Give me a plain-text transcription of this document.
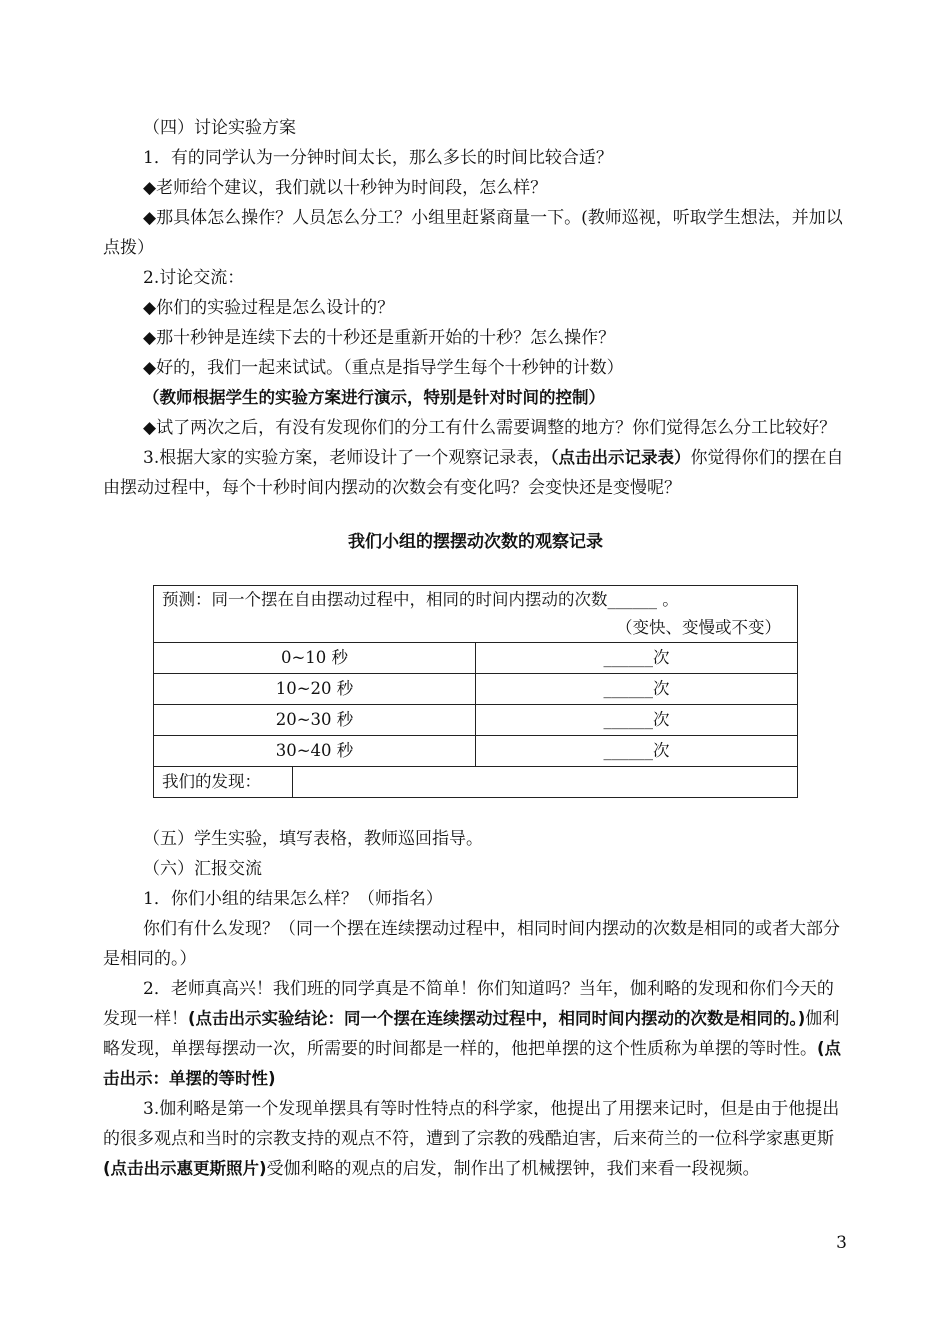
（四）讨论实验方案

1．有的同学认为一分钟时间太长，那么多长的时间比较合适？

◆老师给个建议，我们就以十秒钟为时间段，怎么样？

◆那具体怎么操作？人员怎么分工？小组里赶紧商量一下。(教师巡视，听取学生想法，并加以点拨）

2.讨论交流：

◆你们的实验过程是怎么设计的？

◆那十秒钟是连续下去的十秒还是重新开始的十秒？怎么操作？

◆好的，我们一起来试试。（重点是指导学生每个十秒钟的计数）

（教师根据学生的实验方案进行演示，特别是针对时间的控制）

◆试了两次之后，有没有发现你们的分工有什么需要调整的地方？你们觉得怎么分工比较好？

3.根据大家的实验方案，老师设计了一个观察记录表，（点击出示记录表）你觉得你们的摆在自由摆动过程中，每个十秒时间内摆动的次数会有变化吗？会变快还是变慢呢？

我们小组的摆摆动次数的观察记录
预测：同一个摆在自由摆动过程中，相同的时间内摆动的次数______ 。
（变快、变慢或不变）

0~10 秒	______次
10~20 秒	______次
20~30 秒	______次
30~40 秒	______次

我们的发现：	

（五）学生实验，填写表格，教师巡回指导。

（六）汇报交流

1．你们小组的结果怎么样？（师指名）

你们有什么发现？（同一个摆在连续摆动过程中，相同时间内摆动的次数是相同的或者大部分是相同的。）

2．老师真高兴！我们班的同学真是不简单！你们知道吗？当年，伽利略的发现和你们今天的发现一样！(点击出示实验结论：同一个摆在连续摆动过程中，相同时间内摆动的次数是相同的。)伽利略发现，单摆每摆动一次，所需要的时间都是一样的，他把单摆的这个性质称为单摆的等时性。(点击出示：单摆的等时性)

3.伽利略是第一个发现单摆具有等时性特点的科学家，他提出了用摆来记时，但是由于他提出的很多观点和当时的宗教支持的观点不符，遭到了宗教的残酷迫害，后来荷兰的一位科学家惠更斯(点击出示惠更斯照片)受伽利略的观点的启发，制作出了机械摆钟，我们来看一段视频。

3
